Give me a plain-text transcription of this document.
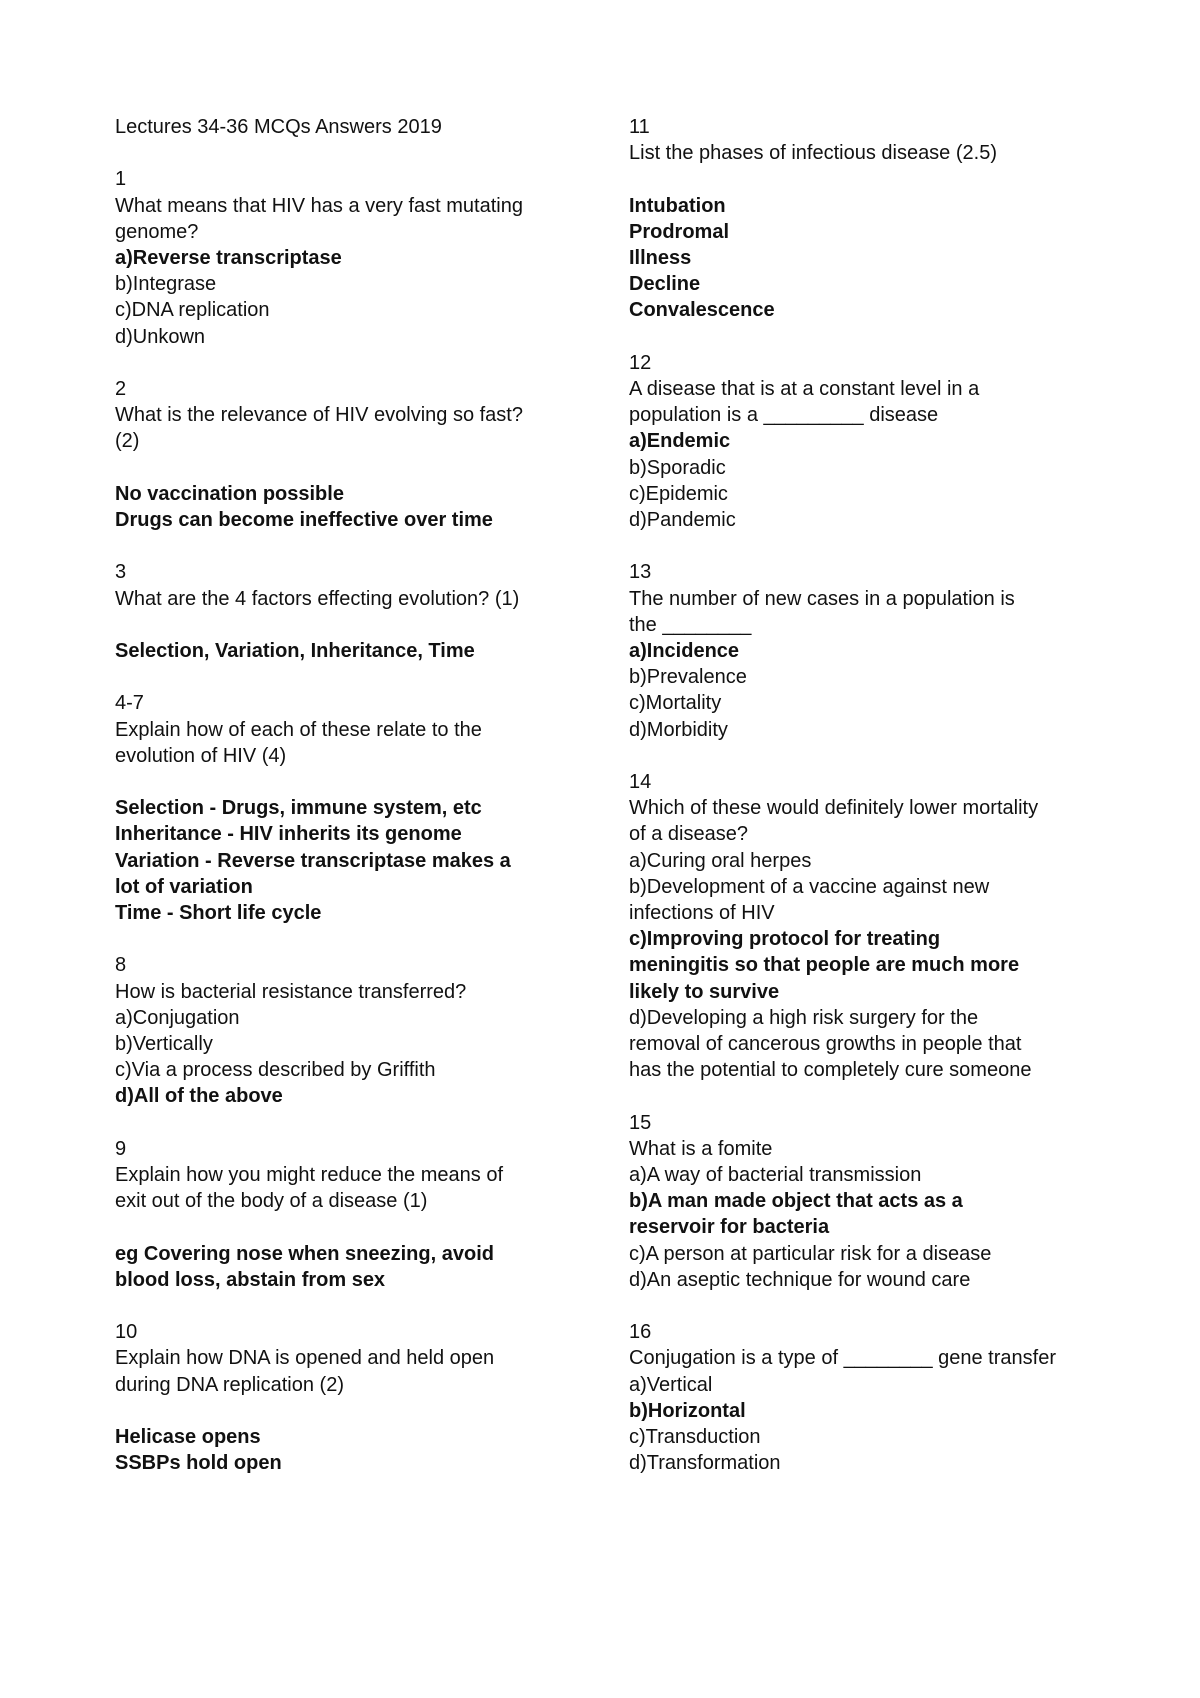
Lectures 34-36 MCQs Answers 2019
1
What means that HIV has a very fast mutating
genome?
a)Reverse transcriptase
b)Integrase
c)DNA replication
d)Unkown
2
What is the relevance of HIV evolving so fast?
(2)
No vaccination possible
Drugs can become ineffective over time
3
What are the 4 factors effecting evolution? (1)
Selection, Variation, Inheritance, Time
4-7
Explain how of each of these relate to the
evolution of HIV (4)
Selection - Drugs, immune system, etc
Inheritance - HIV inherits its genome
Variation - Reverse transcriptase makes a
lot of variation
Time - Short life cycle
8
How is bacterial resistance transferred?
a)Conjugation
b)Vertically
c)Via a process described by Griffith
d)All of the above
9
Explain how you might reduce the means of
exit out of the body of a disease (1)
eg Covering nose when sneezing, avoid
blood loss, abstain from sex
10
Explain how DNA is opened and held open
during DNA replication (2)
Helicase opens
SSBPs hold open
11
List the phases of infectious disease (2.5)
Intubation
Prodromal
Illness
Decline
Convalescence
12
A disease that is at a constant level in a
population is a _________ disease
a)Endemic
b)Sporadic
c)Epidemic
d)Pandemic
13
The number of new cases in a population is
the ________
a)Incidence
b)Prevalence
c)Mortality
d)Morbidity
14
Which of these would definitely lower mortality
of a disease?
a)Curing oral herpes
b)Development of a vaccine against new
infections of HIV
c)Improving protocol for treating
meningitis so that people are much more
likely to survive
d)Developing a high risk surgery for the
removal of cancerous growths in people that
has the potential to completely cure someone
15
What is a fomite
a)A way of bacterial transmission
b)A man made object that acts as a
reservoir for bacteria
c)A person at particular risk for a disease
d)An aseptic technique for wound care
16
Conjugation is a type of ________ gene transfer
a)Vertical
b)Horizontal
c)Transduction
d)Transformation
